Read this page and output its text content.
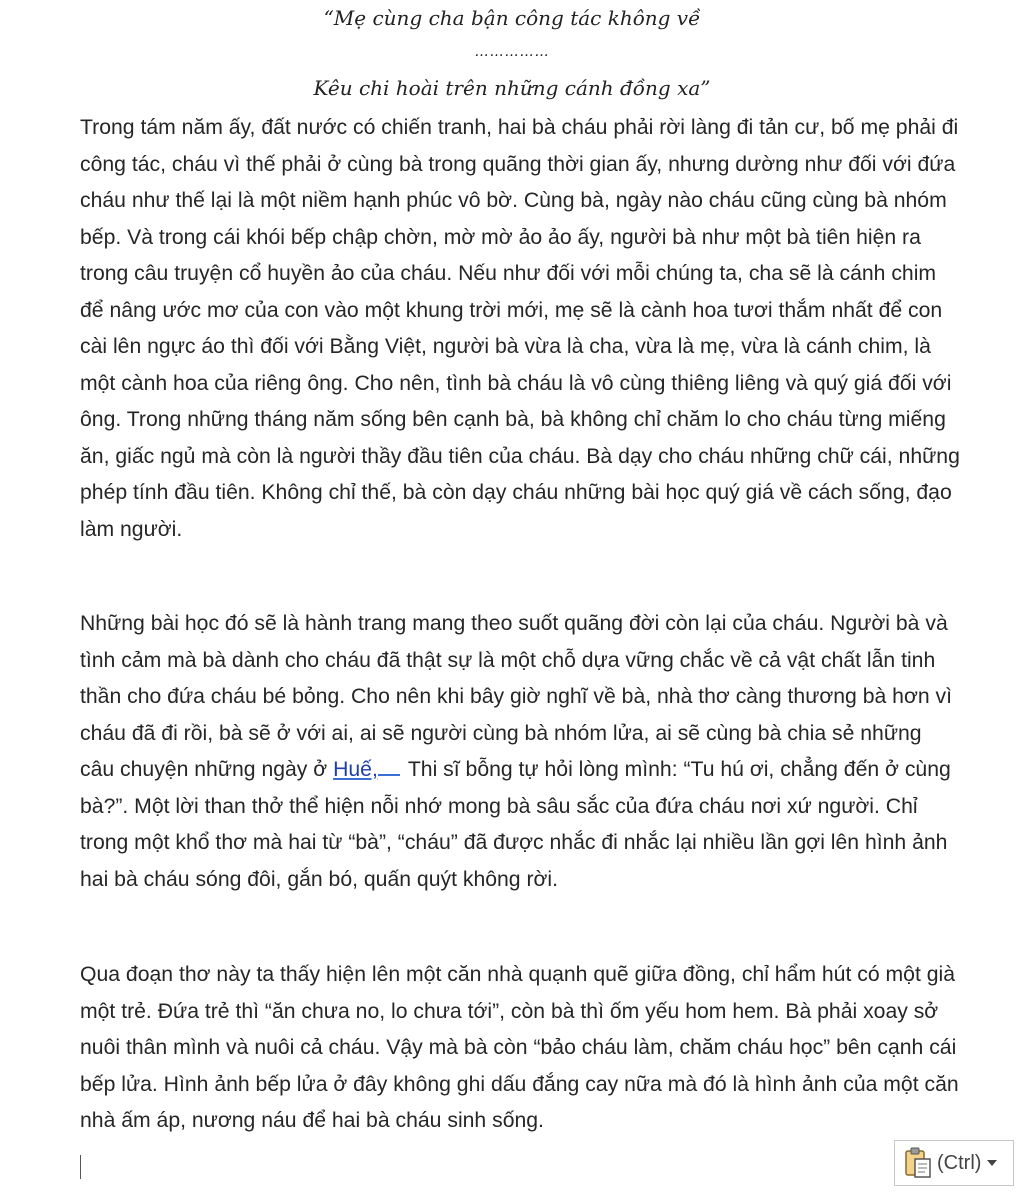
“Mẹ cùng cha bận công tác không về
……………
Kêu chi hoài trên những cánh đồng xa”

Trong tám năm ấy, đất nước có chiến tranh, hai bà cháu phải rời làng đi tản cư, bố mẹ phải đi công tác, cháu vì thế phải ở cùng bà trong quãng thời gian ấy, nhưng dường như đối với đứa cháu như thế lại là một niềm hạnh phúc vô bờ. Cùng bà, ngày nào cháu cũng cùng bà nhóm bếp. Và trong cái khói bếp chập chờn, mờ mờ ảo ảo ấy, người bà như một bà tiên hiện ra trong câu truyện cổ huyền ảo của cháu. Nếu như đối với mỗi chúng ta, cha sẽ là cánh chim để nâng ước mơ của con vào một khung trời mới, mẹ sẽ là cành hoa tươi thắm nhất để con cài lên ngực áo thì đối với Bằng Việt, người bà vừa là cha, vừa là mẹ, vừa là cánh chim, là một cành hoa của riêng ông. Cho nên, tình bà cháu là vô cùng thiêng liêng và quý giá đối với ông. Trong những tháng năm sống bên cạnh bà, bà không chỉ chăm lo cho cháu từng miếng ăn, giấc ngủ mà còn là người thầy đầu tiên của cháu. Bà dạy cho cháu những chữ cái, những phép tính đầu tiên. Không chỉ thế, bà còn dạy cháu những bài học quý giá về cách sống, đạo làm người.

Những bài học đó sẽ là hành trang mang theo suốt quãng đời còn lại của cháu. Người bà và tình cảm mà bà dành cho cháu đã thật sự là một chỗ dựa vững chắc về cả vật chất lẫn tinh thần cho đứa cháu bé bỏng. Cho nên khi bây giờ nghĩ về bà, nhà thơ càng thương bà hơn vì cháu đã đi rồi, bà sẽ ở với ai, ai sẽ người cùng bà nhóm lửa, ai sẽ cùng bà chia sẻ những câu chuyện những ngày ở Huế, Thi sĩ bỗng tự hỏi lòng mình: “Tu hú ơi, chẳng đến ở cùng bà?”. Một lời than thở thể hiện nỗi nhớ mong bà sâu sắc của đứa cháu nơi xứ người. Chỉ trong một khổ thơ mà hai từ “bà”, “cháu” đã được nhắc đi nhắc lại nhiều lần gợi lên hình ảnh hai bà cháu sóng đôi, gắn bó, quấn quýt không rời.

Qua đoạn thơ này ta thấy hiện lên một căn nhà quạnh quẽ giữa đồng, chỉ hẩm hút có một già một trẻ. Đứa trẻ thì “ăn chưa no, lo chưa tới”, còn bà thì ốm yếu hom hem. Bà phải xoay sở nuôi thân mình và nuôi cả cháu. Vậy mà bà còn “bảo cháu làm, chăm cháu học” bên cạnh cái bếp lửa. Hình ảnh bếp lửa ở đây không ghi dấu đắng cay nữa mà đó là hình ảnh của một căn nhà ấm áp, nương náu để hai bà cháu sinh sống.

(Ctrl)
